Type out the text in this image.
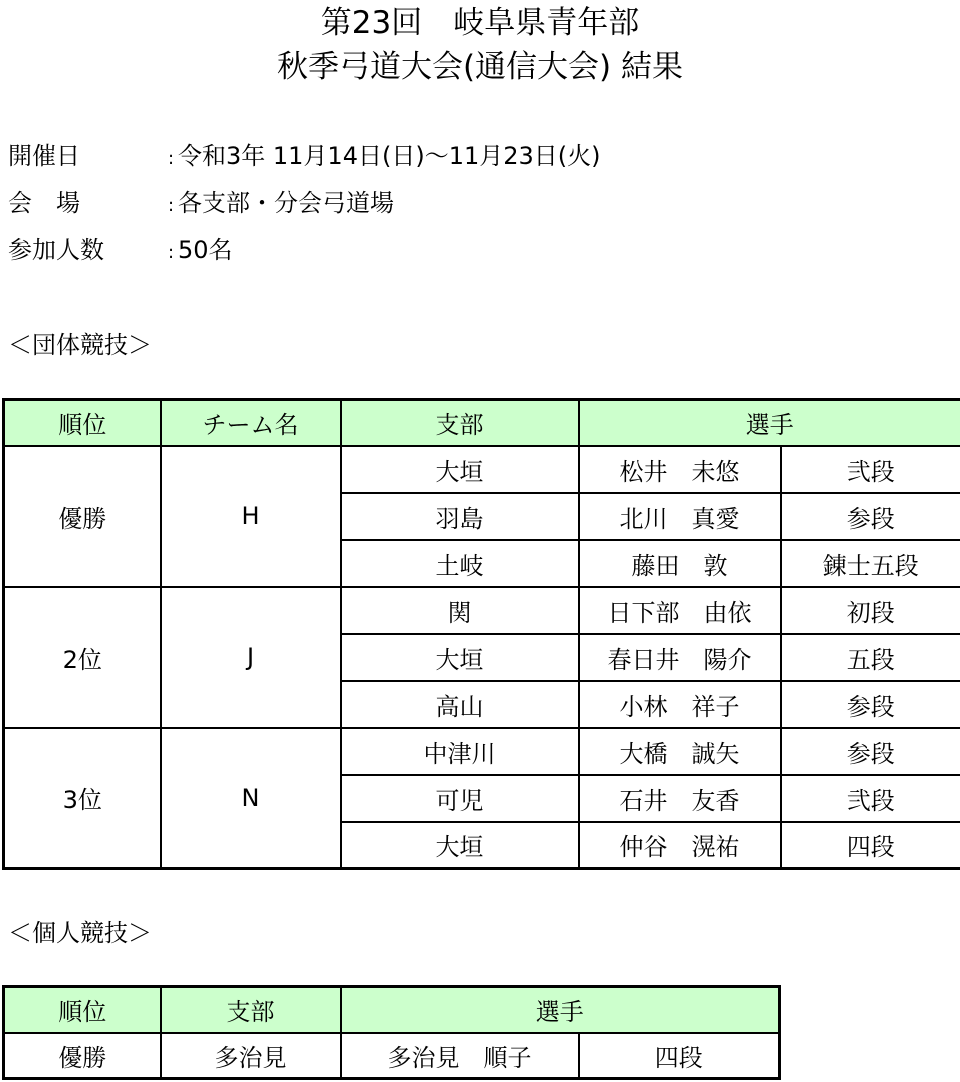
第23回　岐阜県青年部
秋季弓道大会(通信大会) 結果
開催日	: 令和3年 11月14日(日)～11月23日(火)
会　場	: 各支部・分会弓道場
参加人数	: 50名
＜団体競技＞
順位	チーム名	支部	選手	
優勝	H	大垣	松井　未悠	弐段
		羽島	北川　真愛	参段
		土岐	藤田　敦	錬士五段
2位	J	関	日下部　由依	初段
		大垣	春日井　陽介	五段
		高山	小林　祥子	参段
3位	N	中津川	大橋　誠矢	参段
		可児	石井　友香	弐段
		大垣	仲谷　滉祐	四段
＜個人競技＞
順位	支部	選手	
優勝	多治見	多治見　順子	四段
